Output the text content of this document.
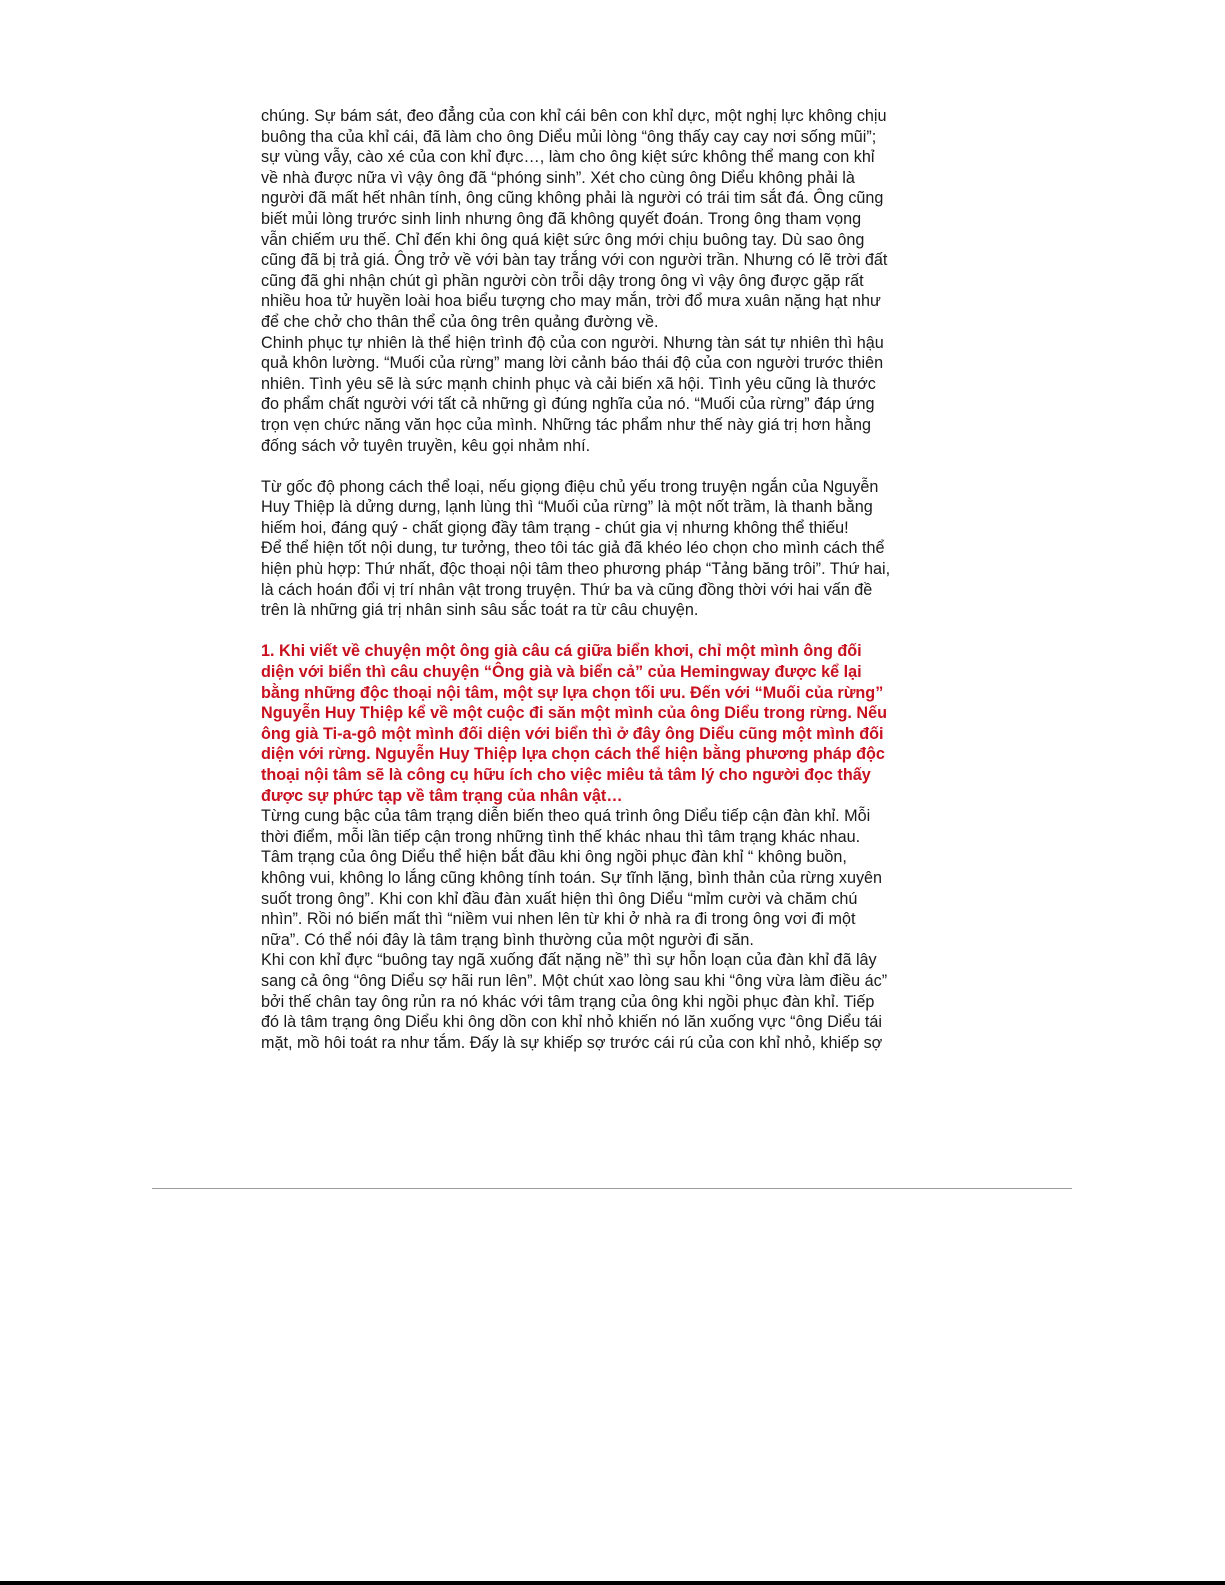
chúng. Sự bám sát, đeo đẳng của con khỉ cái bên con khỉ dực, một nghị lực không chịu
buông tha của khỉ cái, đã làm cho ông Diểu mủi lòng “ông thấy cay cay nơi sống mũi”;
sự vùng vẫy, cào xé của con khỉ đực…, làm cho ông kiệt sức không thể mang con khỉ
về nhà được nữa vì vậy ông đã “phóng sinh”. Xét cho cùng ông Diểu không phải là
người đã mất hết nhân tính, ông cũng không phải là người có trái tim sắt đá. Ông cũng
biết mủi lòng trước sinh linh nhưng ông đã không quyết đoán. Trong ông tham vọng
vẫn chiếm ưu thế. Chỉ đến khi ông quá kiệt sức ông mới chịu buông tay. Dù sao ông
cũng đã bị trả giá. Ông trở về với bàn tay trắng với con người trần. Nhưng có lẽ trời đất
cũng đã ghi nhận chút gì phần người còn trỗi dậy trong ông vì vậy ông được gặp rất
nhiều hoa tử huyền loài hoa biểu tượng cho may mắn, trời đổ mưa xuân nặng hạt như
để che chở cho thân thể của ông trên quảng đường về.
Chinh phục tự nhiên là thể hiện trình độ của con người. Nhưng tàn sát tự nhiên thì hậu
quả khôn lường. “Muối của rừng” mang lời cảnh báo thái độ của con người trước thiên
nhiên. Tình yêu sẽ là sức mạnh chinh phục và cải biến xã hội. Tình yêu cũng là thước
đo phẩm chất người với tất cả những gì đúng nghĩa của nó. “Muối của rừng” đáp ứng
trọn vẹn chức năng văn học của mình. Những tác phẩm như thế này giá trị hơn hằng
đống sách vở tuyên truyền, kêu gọi nhảm nhí.
Từ gốc độ phong cách thể loại, nếu giọng điệu chủ yếu trong truyện ngắn của Nguyễn
Huy Thiệp là dửng dưng, lạnh lùng thì “Muối của rừng” là một nốt trầm, là thanh bằng
hiếm hoi, đáng quý - chất giọng đầy tâm trạng - chút gia vị nhưng không thể thiếu!
Để thể hiện tốt nội dung, tư tưởng, theo tôi tác giả đã khéo léo chọn cho mình cách thể
hiện phù hợp: Thứ nhất, độc thoại nội tâm theo phương pháp “Tảng băng trôi”. Thứ hai,
là cách hoán đổi vị trí nhân vật trong truyện. Thứ ba và cũng đồng thời với hai vấn đề
trên là những giá trị nhân sinh sâu sắc toát ra từ câu chuyện.
1. Khi viết về chuyện một ông già câu cá giữa biển khơi, chỉ một mình ông đối
diện với biển thì câu chuyện “Ông già và biển cả” của Hemingway được kể lại
bằng những độc thoại nội tâm, một sự lựa chọn tối ưu. Đến với “Muối của rừng”
Nguyễn Huy Thiệp kể về một cuộc đi săn một mình của ông Diểu trong rừng. Nếu
ông già Ti-a-gô một mình đối diện với biển thì ở đây ông Diểu cũng một mình đối
diện với rừng. Nguyễn Huy Thiệp lựa chọn cách thể hiện bằng phương pháp độc
thoại nội tâm sẽ là công cụ hữu ích cho việc miêu tả tâm lý cho người đọc thấy
được sự phức tạp về tâm trạng của nhân vật…
Từng cung bậc của tâm trạng diễn biến theo quá trình ông Diểu tiếp cận đàn khỉ. Mỗi
thời điểm, mỗi lần tiếp cận trong những tình thế khác nhau thì tâm trạng khác nhau.
Tâm trạng của ông Diểu thể hiện bắt đầu khi ông ngồi phục đàn khỉ “ không buồn,
không vui, không lo lắng cũng không tính toán. Sự tĩnh lặng, bình thản của rừng xuyên
suốt trong ông”. Khi con khỉ đầu đàn xuất hiện thì ông Diểu “mỉm cười và chăm chú
nhìn”. Rồi nó biến mất thì “niềm vui nhen lên từ khi ở nhà ra đi trong ông vơi đi một
nữa”. Có thể nói đây là tâm trạng bình thường của một người đi săn.
Khi con khỉ đực “buông tay ngã xuống đất nặng nề” thì sự hỗn loạn của đàn khỉ đã lây
sang cả ông “ông Diểu sợ hãi run lên”. Một chút xao lòng sau khi “ông vừa làm điều ác”
bởi thế chân tay ông rủn ra nó khác với tâm trạng của ông khi ngồi phục đàn khỉ. Tiếp
đó là tâm trạng ông Diểu khi ông dồn con khỉ nhỏ khiến nó lăn xuống vực “ông Diểu tái
mặt, mồ hôi toát ra như tắm. Đấy là sự khiếp sợ trước cái rú của con khỉ nhỏ, khiếp sợ
